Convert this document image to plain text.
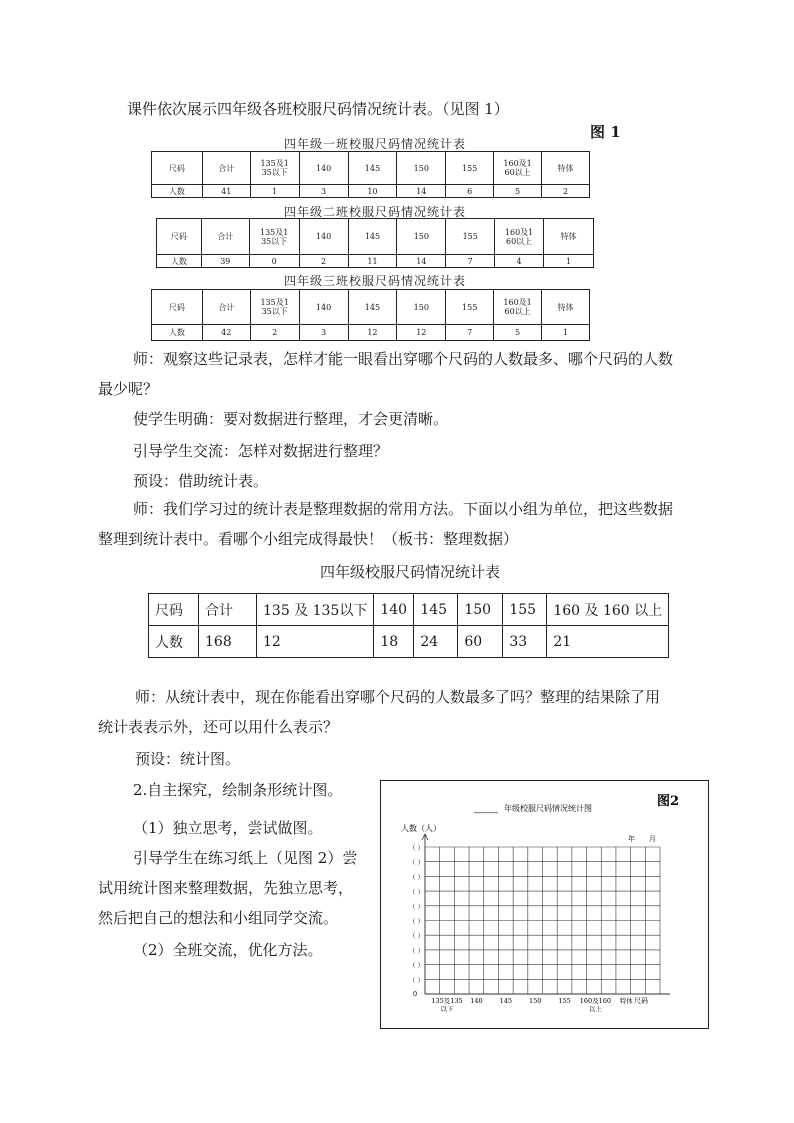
课件依次展示四年级各班校服尺码情况统计表。（见图 1）
图 1
四年级一班校服尺码情况统计表
尺码	合计	135及135以下	140	145	150	155	160及160以上	特体
人数	41	1	3	10	14	6	5	2
四年级二班校服尺码情况统计表
尺码	合计	135及135以下	140	145	150	155	160及160以上	特体
人数	39	0	2	11	14	7	4	1
四年级三班校服尺码情况统计表
尺码	合计	135及135以下	140	145	150	155	160及160以上	特体
人数	42	2	3	12	12	7	5	1
师：观察这些记录表，怎样才能一眼看出穿哪个尺码的人数最多、哪个尺码的人数
最少呢？
使学生明确：要对数据进行整理，才会更清晰。
引导学生交流：怎样对数据进行整理？
预设：借助统计表。
师：我们学习过的统计表是整理数据的常用方法。下面以小组为单位，把这些数据
整理到统计表中。看哪个小组完成得最快！（板书：整理数据）
四年级校服尺码情况统计表
尺码	合计	135 及 135以下	140	145	150	155	160 及 160 以上
人数	168	12	18	24	60	33	21
师：从统计表中，现在你能看出穿哪个尺码的人数最多了吗？整理的结果除了用
统计表表示外，还可以用什么表示？
预设：统计图。
2.自主探究，绘制条形统计图。
（1）独立思考，尝试做图。
引导学生在练习纸上（见图 2）尝
试用统计图来整理数据，先独立思考，
然后把自己的想法和小组同学交流。
（2）全班交流，优化方法。
图2
______ 年级校服尺码情况统计图
人数（人）
年　　月
尺码
（ ）
（ ）
（ ）
（ ）
（ ）
（ ）
（ ）
（ ）
（ ）
（ ）
0
135及135
以下
140	145	150	155 160及160
以上
特体
